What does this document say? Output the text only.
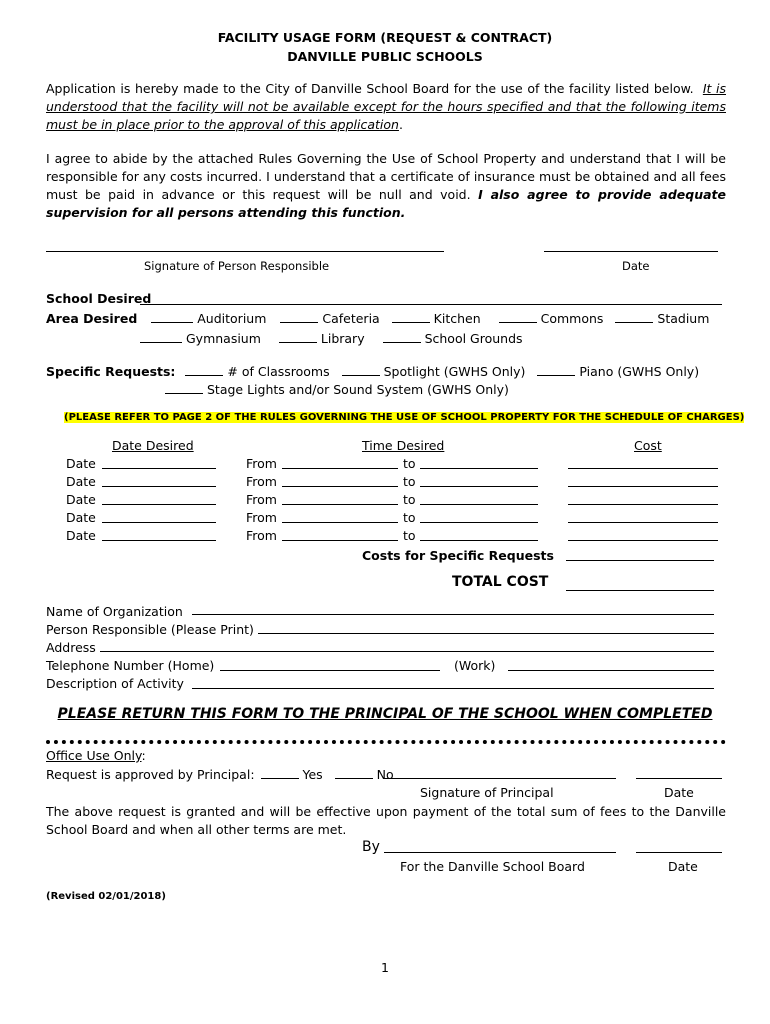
FACILITY USAGE FORM (REQUEST & CONTRACT)
DANVILLE PUBLIC SCHOOLS
Application is hereby made to the City of Danville School Board for the use of the facility listed below. It is understood that the facility will not be available except for the hours specified and that the following items must be in place prior to the approval of this application.
I agree to abide by the attached Rules Governing the Use of School Property and understand that I will be responsible for any costs incurred. I understand that a certificate of insurance must be obtained and all fees must be paid in advance or this request will be null and void. I also agree to provide adequate supervision for all persons attending this function.
Signature of Person Responsible	Date
School Desired
Area Desired	Auditorium	Cafeteria	Kitchen	Commons	Stadium
Gymnasium	Library	School Grounds
Specific Requests:	# of Classrooms	Spotlight (GWHS Only)	Piano (GWHS Only)
Stage Lights and/or Sound System (GWHS Only)
(PLEASE REFER TO PAGE 2 OF THE RULES GOVERNING THE USE OF SCHOOL PROPERTY FOR THE SCHEDULE OF CHARGES)
Date Desired	Time Desired	Cost
Date	From	to
Date	From	to
Date	From	to
Date	From	to
Date	From	to
Costs for Specific Requests
TOTAL COST
Name of Organization
Person Responsible (Please Print)
Address
Telephone Number (Home)	(Work)
Description of Activity
PLEASE RETURN THIS FORM TO THE PRINCIPAL OF THE SCHOOL WHEN COMPLETED
Office Use Only:
Request is approved by Principal:	Yes	No
Signature of Principal	Date
The above request is granted and will be effective upon payment of the total sum of fees to the Danville School Board and when all other terms are met.
By
For the Danville School Board	Date
(Revised 02/01/2018)
1
